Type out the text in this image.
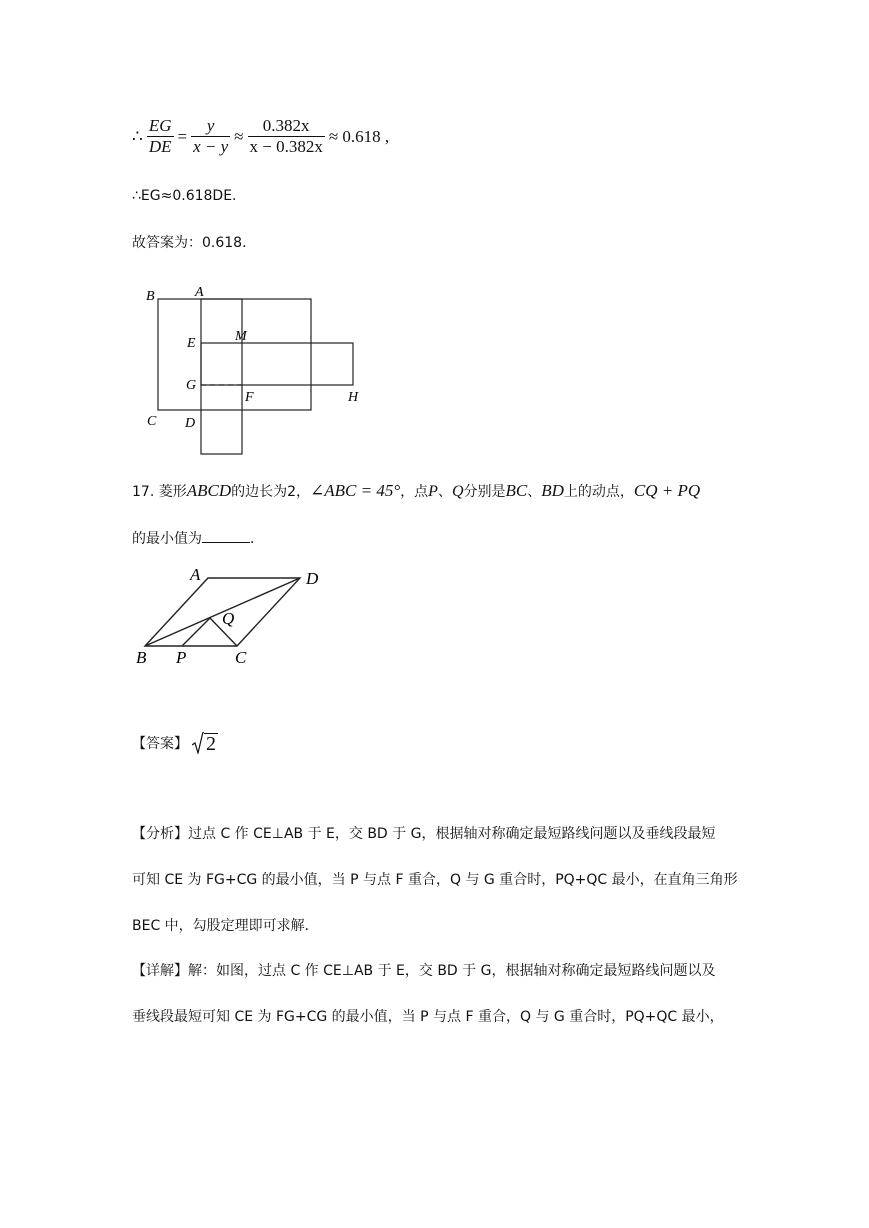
∴ $\frac{EG}{DE} = \frac{y}{x - y} \approx \frac{0.382x}{x - 0.382x} \approx 0.618$ ,
∴EG≈0.618DE.
故答案为：0.618．
B	A
E	M
G
F	H
C D
17. 菱形ABCD的边长为2，∠ABC = 45°，点P、Q分别是BC、BD上的动点，CQ + PQ
的最小值为	．
A	D
Q
B P	C
【答案】 2
【分析】过点 C 作 CE⊥AB 于 E，交 BD 于 G，根据轴对称确定最短路线问题以及垂线段最短
可知 CE 为 FG+CG 的最小值，当 P 与点 F 重合，Q 与 G 重合时，PQ+QC 最小，在直角三角形
BEC 中，勾股定理即可求解．
【详解】解：如图，过点 C 作 CE⊥AB 于 E，交 BD 于 G，根据轴对称确定最短路线问题以及
垂线段最短可知 CE 为 FG+CG 的最小值，当 P 与点 F 重合，Q 与 G 重合时，PQ+QC 最小，
